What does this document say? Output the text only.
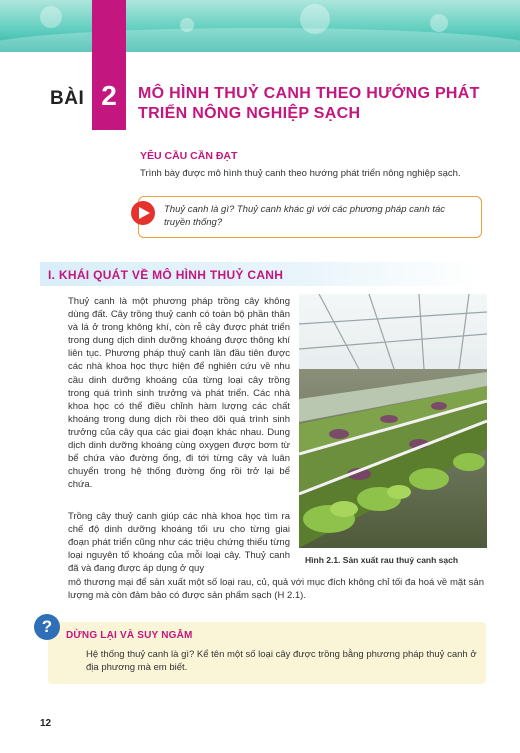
2
BÀI	MÔ HÌNH THUỶ CANH THEO HƯỚNG PHÁT TRIỂN NÔNG NGHIỆP SẠCH
YÊU CẦU CẦN ĐẠT
Trình bày được mô hình thuỷ canh theo hướng phát triển nông nghiệp sạch.
Thuỷ canh là gì? Thuỷ canh khác gì với các phương pháp canh tác truyền thống?
I. KHÁI QUÁT VỀ MÔ HÌNH THUỶ CANH
Thuỷ canh là một phương pháp trồng cây không dùng đất. Cây trồng thuỷ canh có toàn bộ phần thân và lá ở trong không khí, còn rễ cây được phát triển trong dung dịch dinh dưỡng khoáng được thông khí liên tục. Phương pháp thuỷ canh lần đầu tiên được các nhà khoa học thực hiện để nghiên cứu về nhu cầu dinh dưỡng khoáng của từng loại cây trồng trong quá trình sinh trưởng và phát triển. Các nhà khoa học có thể điều chỉnh hàm lượng các chất khoáng trong dung dịch rồi theo dõi quá trình sinh trưởng của cây qua các giai đoạn khác nhau. Dung dịch dinh dưỡng khoáng cùng oxygen được bơm từ bể chứa vào đường ống, đi tới từng cây và luân chuyển trong hệ thống đường ống rồi trở lại bể chứa.
Trồng cây thuỷ canh giúp các nhà khoa học tìm ra chế độ dinh dưỡng khoáng tối ưu cho từng giai đoạn phát triển cũng như các triệu chứng thiếu từng loại nguyên tố khoáng của mỗi loại cây. Thuỷ canh đã và đang được áp dụng ở quy
mô thương mại để sản xuất một số loại rau, củ, quả với mục đích không chỉ tối đa hoá về mặt sản lượng mà còn đảm bảo có được sản phẩm sạch (H 2.1).
Hình 2.1. Sản xuất rau thuỷ canh sạch
?	DỪNG LẠI VÀ SUY NGẪM
Hệ thống thuỷ canh là gì? Kể tên một số loại cây được trồng bằng phương pháp thuỷ canh ở địa phương mà em biết.
12
